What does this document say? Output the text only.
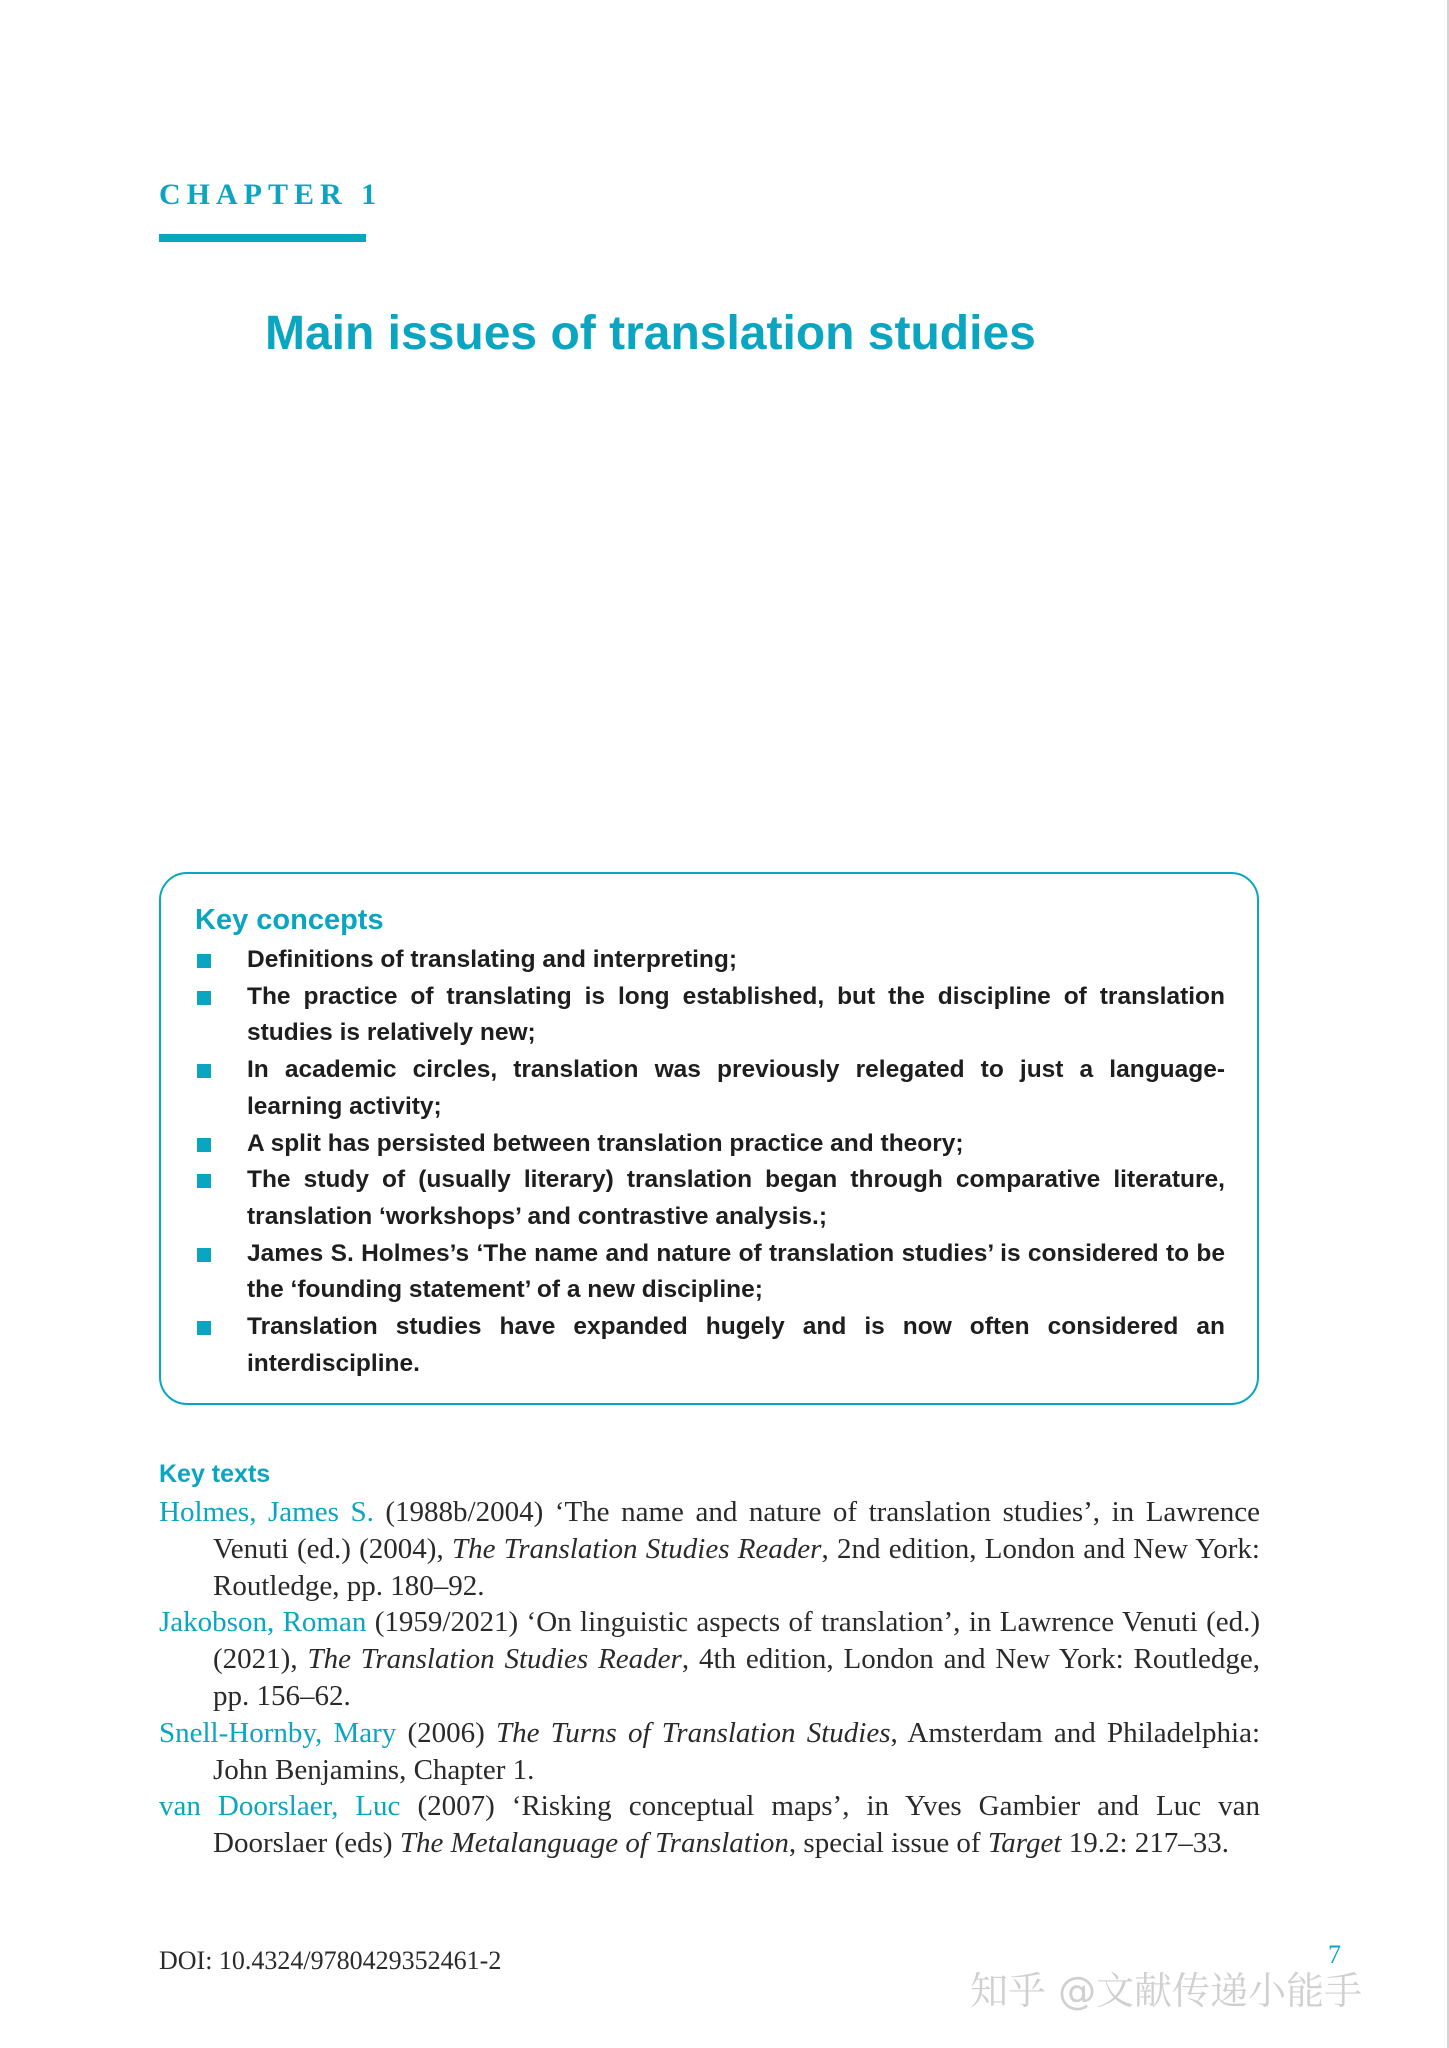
CHAPTER 1
Main issues of translation studies
Key concepts
Definitions of translating and interpreting;
The practice of translating is long established, but the discipline of translation studies is relatively new;
In academic circles, translation was previously relegated to just a language-learning activity;
A split has persisted between translation practice and theory;
The study of (usually literary) translation began through comparative literature, translation ‘workshops’ and contrastive analysis.;
James S. Holmes’s ‘The name and nature of translation studies’ is considered to be the ‘founding statement’ of a new discipline;
Translation studies have expanded hugely and is now often considered an interdiscipline.
Key texts
Holmes, James S. (1988b/2004) ‘The name and nature of translation studies’, in Lawrence Venuti (ed.) (2004), The Translation Studies Reader, 2nd edition, London and New York: Routledge, pp. 180–92.
Jakobson, Roman (1959/2021) ‘On linguistic aspects of translation’, in Lawrence Venuti (ed.) (2021), The Translation Studies Reader, 4th edition, London and New York: Routledge, pp. 156–62.
Snell-Hornby, Mary (2006) The Turns of Translation Studies, Amsterdam and Philadelphia: John Benjamins, Chapter 1.
van Doorslaer, Luc (2007) ‘Risking conceptual maps’, in Yves Gambier and Luc van Doorslaer (eds) The Metalanguage of Translation, special issue of Target 19.2: 217–33.
DOI: 10.4324/9780429352461-2	7
知乎 @文献传递小能手
